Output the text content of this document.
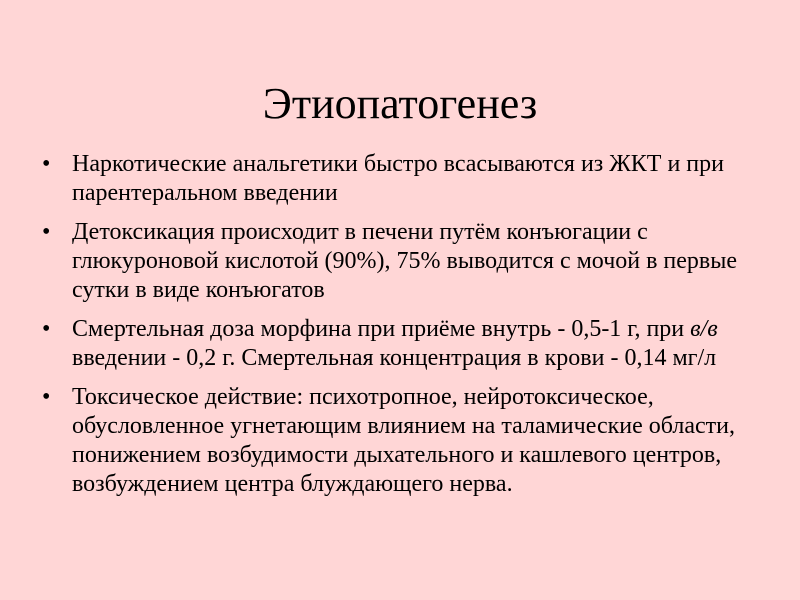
Этиопатогенез
• Наркотические анальгетики быстро всасываются из ЖКТ и при парентеральном введении
• Детоксикация происходит в печени путём конъюгации с глюкуроновой кислотой (90%), 75% выводится с мочой в первые сутки в виде конъюгатов
• Смертельная доза морфина при приёме внутрь - 0,5-1 г, при в/в введении - 0,2 г. Смертельная концентрация в крови - 0,14 мг/л
• Токсическое действие: психотропное, нейротоксическое, обусловленное угнетающим влиянием на таламические области, понижением возбудимости дыхательного и кашлевого центров, возбуждением центра блуждающего нерва.
